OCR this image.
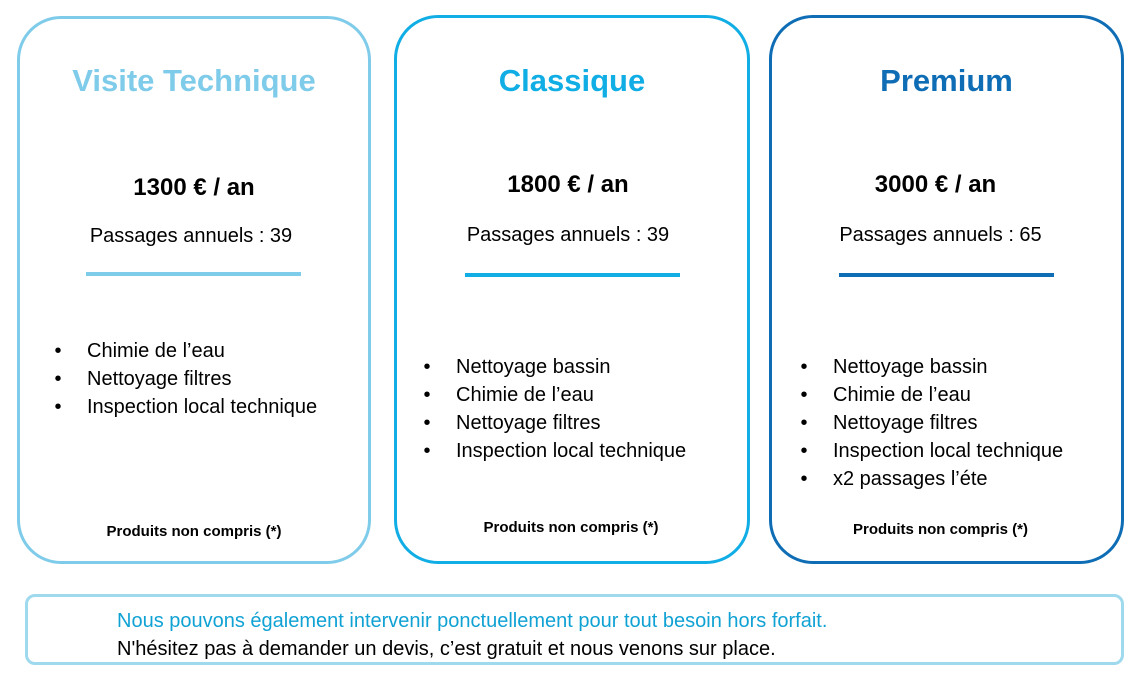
Visite Technique

1300 € / an

Passages annuels : 39

• Chimie de l’eau
• Nettoyage filtres
• Inspection local technique

Produits non compris (*)

Classique

1800 € / an

Passages annuels : 39

• Nettoyage bassin
• Chimie de l’eau
• Nettoyage filtres
• Inspection local technique

Produits non compris (*)

Premium

3000 € / an

Passages annuels : 65

• Nettoyage bassin
• Chimie de l’eau
• Nettoyage filtres
• Inspection local technique
• x2 passages l’éte

Produits non compris (*)

Nous pouvons également intervenir ponctuellement pour tout besoin hors forfait.

N'hésitez pas à demander un devis, c’est gratuit et nous venons sur place.
